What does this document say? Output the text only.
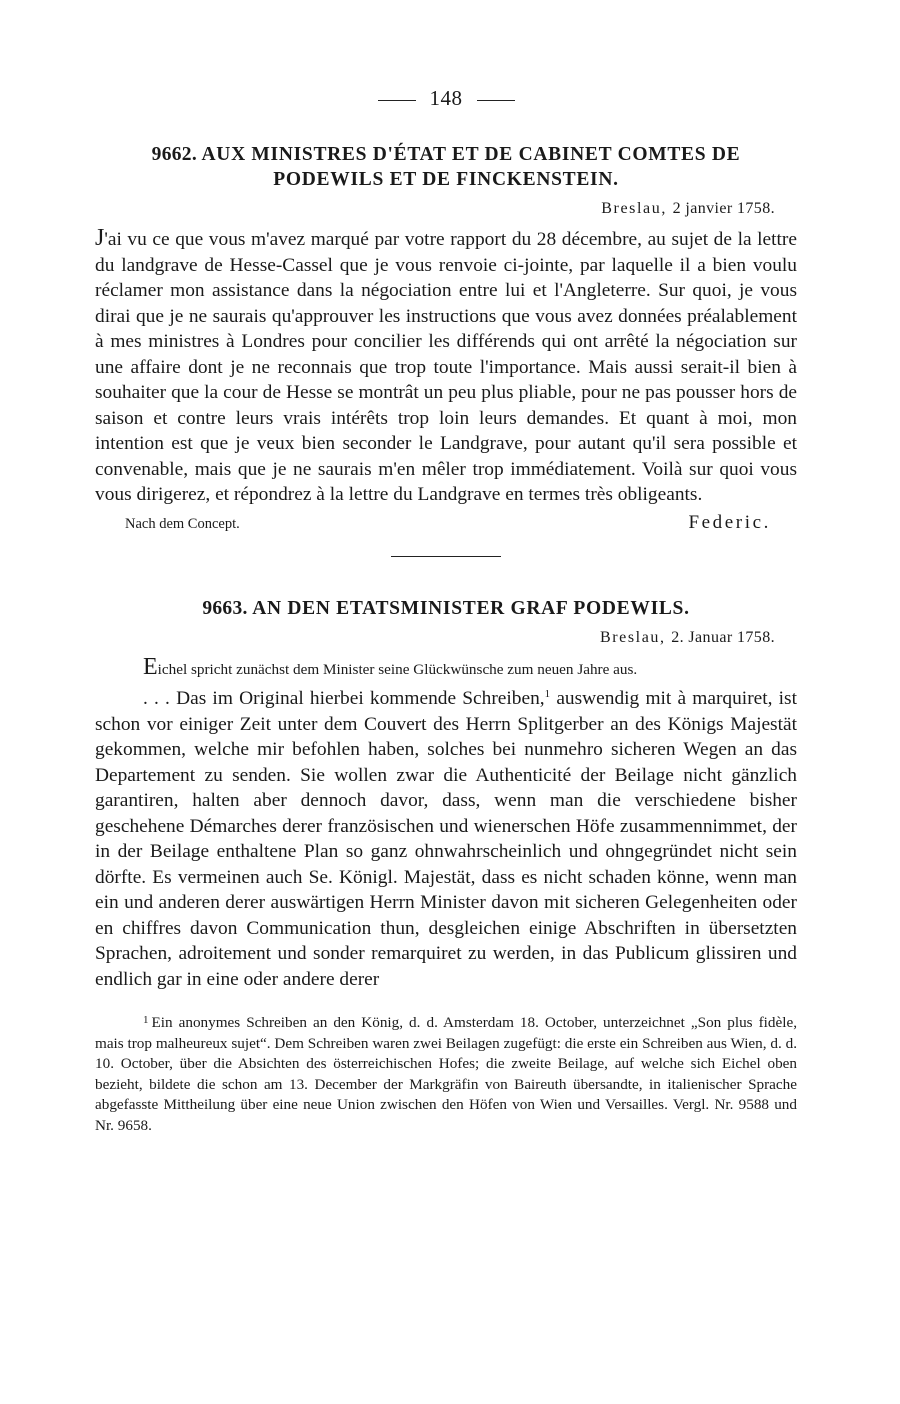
148
9662. AUX MINISTRES D'ÉTAT ET DE CABINET COMTES DE PODEWILS ET DE FINCKENSTEIN.
Breslau, 2 janvier 1758.

J'ai vu ce que vous m'avez marqué par votre rapport du 28 décembre, au sujet de la lettre du landgrave de Hesse-Cassel que je vous renvoie ci-jointe, par laquelle il a bien voulu réclamer mon assistance dans la négociation entre lui et l'Angleterre. Sur quoi, je vous dirai que je ne saurais qu'approuver les instructions que vous avez données préalablement à mes ministres à Londres pour concilier les différends qui ont arrêté la négociation sur une affaire dont je ne reconnais que trop toute l'importance. Mais aussi serait-il bien à souhaiter que la cour de Hesse se montrât un peu plus pliable, pour ne pas pousser hors de saison et contre leurs vrais intérêts trop loin leurs demandes. Et quant à moi, mon intention est que je veux bien seconder le Landgrave, pour autant qu'il sera possible et convenable, mais que je ne saurais m'en mêler trop immédiatement. Voilà sur quoi vous vous dirigerez, et répondrez à la lettre du Landgrave en termes très obligeants.

Nach dem Concept.	Federic.
9663. AN DEN ETATSMINISTER GRAF PODEWILS.
Breslau, 2. Januar 1758.

Eichel spricht zunächst dem Minister seine Glückwünsche zum neuen Jahre aus.

. . . Das im Original hierbei kommende Schreiben,$^1$ auswendig mit à marquiret, ist schon vor einiger Zeit unter dem Couvert des Herrn Splitgerber an des Königs Majestät gekommen, welche mir befohlen haben, solches bei nunmehro sicheren Wegen an das Departement zu senden. Sie wollen zwar die Authenticité der Beilage nicht gänzlich garantiren, halten aber dennoch davor, dass, wenn man die verschiedene bisher geschehene Démarches derer französischen und wienerschen Höfe zusammennimmet, der in der Beilage enthaltene Plan so ganz ohnwahrscheinlich und ohngegründet nicht sein dörfte. Es vermeinen auch Se. Königl. Majestät, dass es nicht schaden könne, wenn man ein und anderen derer auswärtigen Herrn Minister davon mit sicheren Gelegenheiten oder en chiffres davon Communication thun, desgleichen einige Abschriften in übersetzten Sprachen, adroitement und sonder remarquiret zu werden, in das Publicum glissiren und endlich gar in eine oder andere derer

$^1$ Ein anonymes Schreiben an den König, d. d. Amsterdam 18. October, unterzeichnet „Son plus fidèle, mais trop malheureux sujet“. Dem Schreiben waren zwei Beilagen zugefügt: die erste ein Schreiben aus Wien, d. d. 10. October, über die Absichten des österreichischen Hofes; die zweite Beilage, auf welche sich Eichel oben bezieht, bildete die schon am 13. December der Markgräfin von Baireuth übersandte, in italienischer Sprache abgefasste Mittheilung über eine neue Union zwischen den Höfen von Wien und Versailles. Vergl. Nr. 9588 und Nr. 9658.
